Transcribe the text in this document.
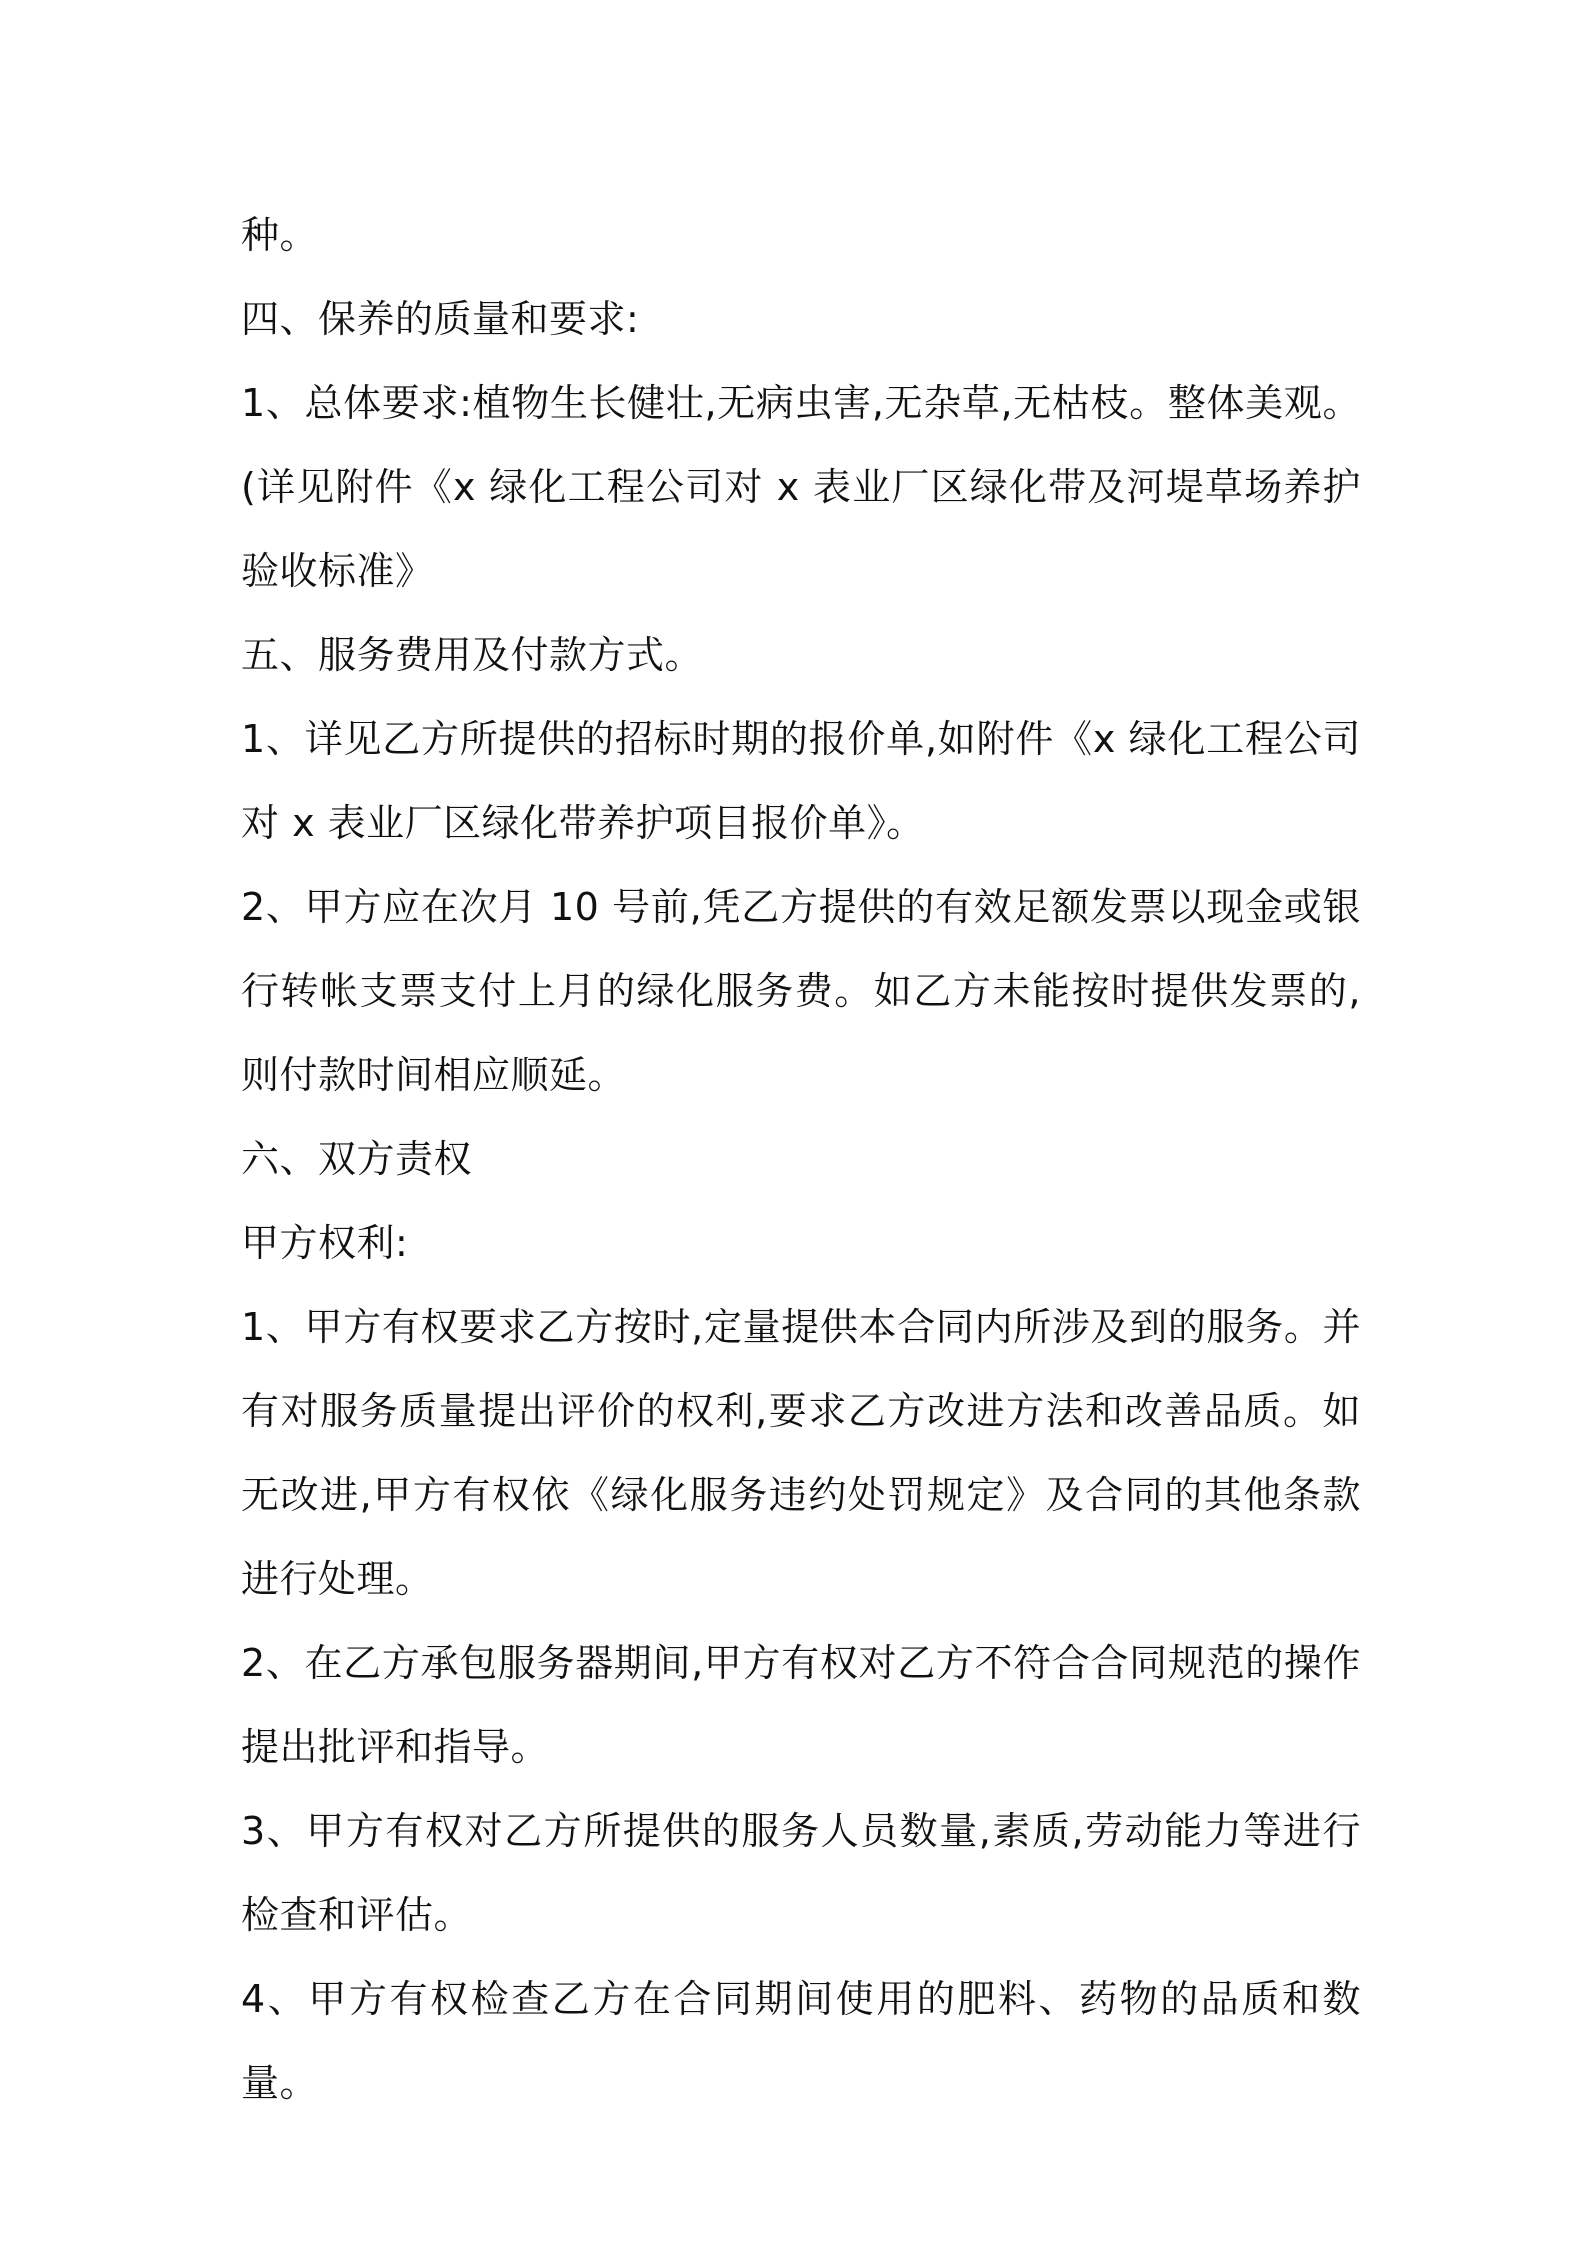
种。

四、保养的质量和要求:

1、总体要求:植物生长健壮,无病虫害,无杂草,无枯枝。整体美观。(详见附件《x 绿化工程公司对 x 表业厂区绿化带及河堤草场养护验收标准》

五、服务费用及付款方式。

1、详见乙方所提供的招标时期的报价单,如附件《x 绿化工程公司对 x 表业厂区绿化带养护项目报价单》。

2、甲方应在次月 10 号前,凭乙方提供的有效足额发票以现金或银行转帐支票支付上月的绿化服务费。如乙方未能按时提供发票的,则付款时间相应顺延。

六、双方责权

甲方权利:

1、甲方有权要求乙方按时,定量提供本合同内所涉及到的服务。并有对服务质量提出评价的权利,要求乙方改进方法和改善品质。如无改进,甲方有权依《绿化服务违约处罚规定》及合同的其他条款进行处理。

2、在乙方承包服务器期间,甲方有权对乙方不符合合同规范的操作提出批评和指导。

3、甲方有权对乙方所提供的服务人员数量,素质,劳动能力等进行检查和评估。

4、甲方有权检查乙方在合同期间使用的肥料、药物的品质和数量。
